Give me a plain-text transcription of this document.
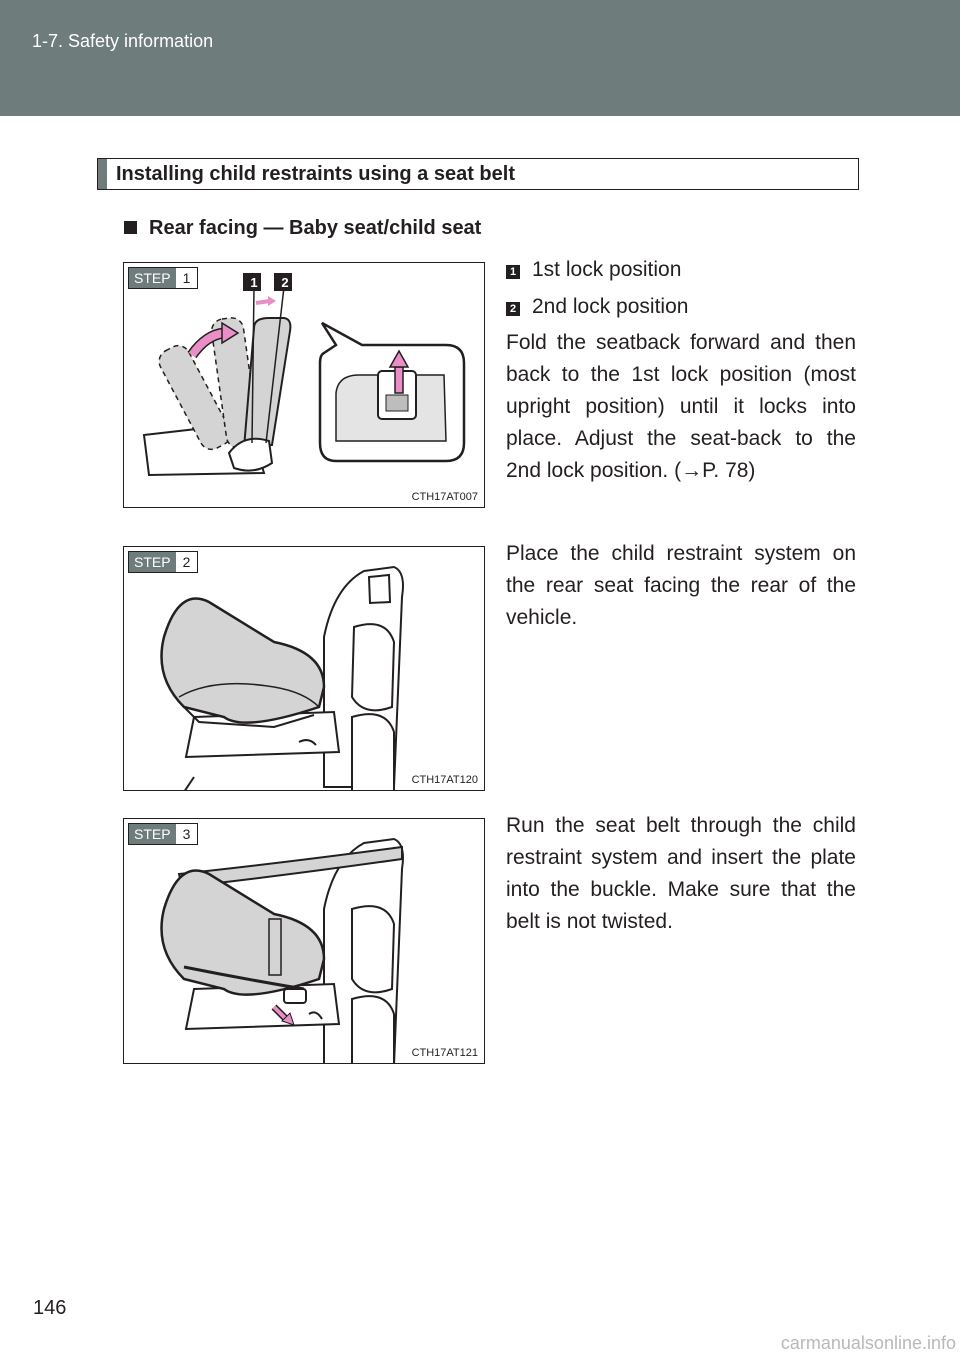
1-7. Safety information
Installing child restraints using a seat belt
Rear facing — Baby seat/child seat
STEP 1	1 2
CTH17AT007
1 1st lock position
2 2nd lock position
Fold the seatback forward and then back to the 1st lock position (most upright position) until it locks into place. Adjust the seat-back to the 2nd lock position. (→P. 78)
STEP 2
CTH17AT120
Place the child restraint system on the rear seat facing the rear of the vehicle.
STEP 3
CTH17AT121
Run the seat belt through the child restraint system and insert the plate into the buckle. Make sure that the belt is not twisted.
146
carmanualsonline.info
